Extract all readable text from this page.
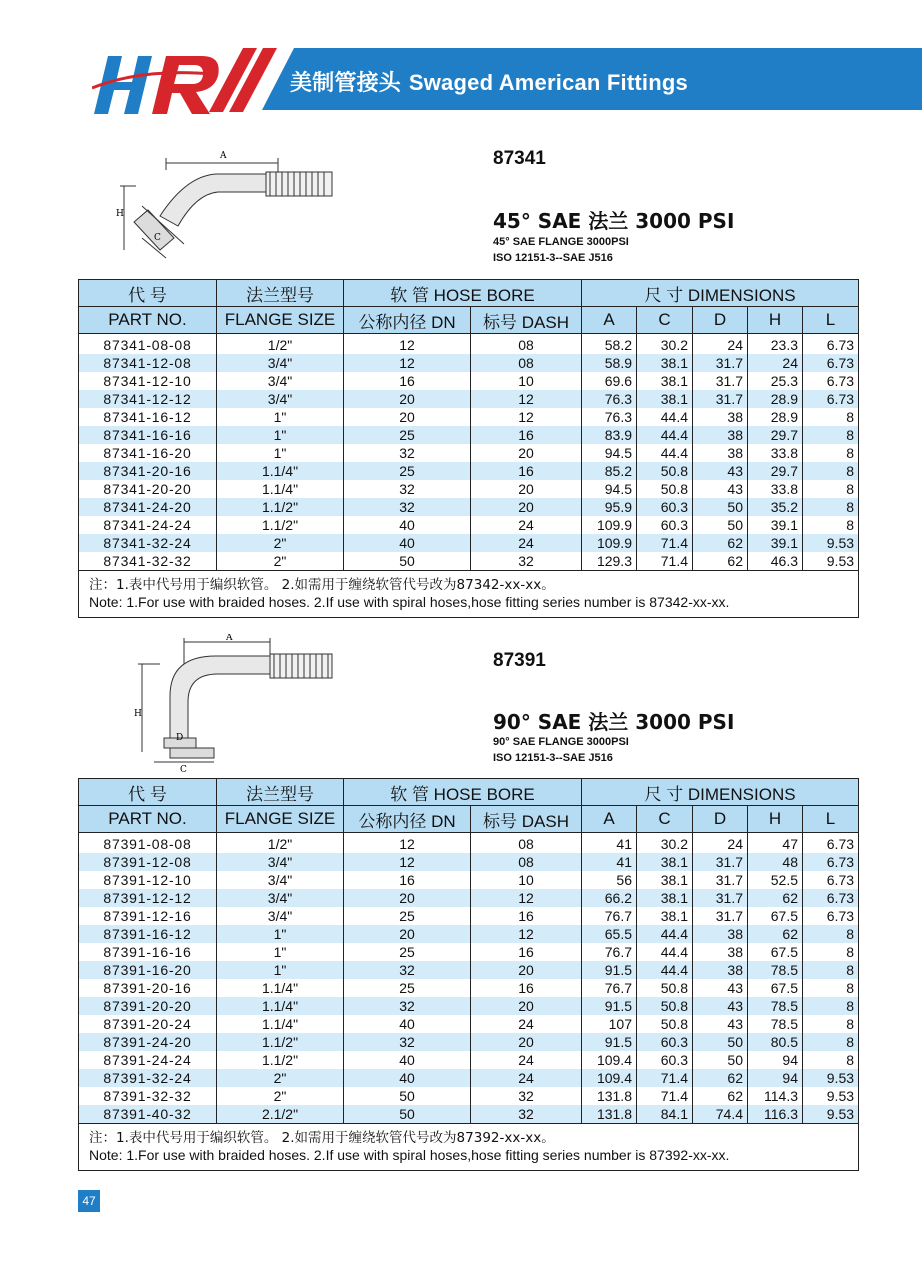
美制管接头 Swaged American Fittings
A
H
C
87341
45° SAE 法兰 3000 PSI
45° SAE FLANGE 3000PSI
ISO 12151-3--SAE J516
代 号	法兰型号	软 管 HOSE BORE		尺 寸 DIMENSIONS				
PART NO.	FLANGE SIZE	公称内径 DN	标号 DASH	A	C	D	H	L
87341-08-08	1/2"	12	08	58.2	30.2	24	23.3	6.73
87341-12-08	3/4"	12	08	58.9	38.1	31.7	24	6.73
87341-12-10	3/4"	16	10	69.6	38.1	31.7	25.3	6.73
87341-12-12	3/4"	20	12	76.3	38.1	31.7	28.9	6.73
87341-16-12	1"	20	12	76.3	44.4	38	28.9	8
87341-16-16	1"	25	16	83.9	44.4	38	29.7	8
87341-16-20	1"	32	20	94.5	44.4	38	33.8	8
87341-20-16	1.1/4"	25	16	85.2	50.8	43	29.7	8
87341-20-20	1.1/4"	32	20	94.5	50.8	43	33.8	8
87341-24-20	1.1/2"	32	20	95.9	60.3	50	35.2	8
87341-24-24	1.1/2"	40	24	109.9	60.3	50	39.1	8
87341-32-24	2"	40	24	109.9	71.4	62	39.1	9.53
87341-32-32	2"	50	32	129.3	71.4	62	46.3	9.53

注：1.表中代号用于编织软管。 2.如需用于缠绕软管代号改为87342-xx-xx。
Note: 1.For use with braided hoses. 2.If use with spiral hoses,hose fitting series number is 87342-xx-xx.								
A
H
C
D
87391
90° SAE 法兰 3000 PSI
90° SAE FLANGE 3000PSI
ISO 12151-3--SAE J516
代 号	法兰型号	软 管 HOSE BORE		尺 寸 DIMENSIONS				
PART NO.	FLANGE SIZE	公称内径 DN	标号 DASH	A	C	D	H	L
87391-08-08	1/2"	12	08	41	30.2	24	47	6.73
87391-12-08	3/4"	12	08	41	38.1	31.7	48	6.73
87391-12-10	3/4"	16	10	56	38.1	31.7	52.5	6.73
87391-12-12	3/4"	20	12	66.2	38.1	31.7	62	6.73
87391-12-16	3/4"	25	16	76.7	38.1	31.7	67.5	6.73
87391-16-12	1"	20	12	65.5	44.4	38	62	8
87391-16-16	1"	25	16	76.7	44.4	38	67.5	8
87391-16-20	1"	32	20	91.5	44.4	38	78.5	8
87391-20-16	1.1/4"	25	16	76.7	50.8	43	67.5	8
87391-20-20	1.1/4"	32	20	91.5	50.8	43	78.5	8
87391-20-24	1.1/4"	40	24	107	50.8	43	78.5	8
87391-24-20	1.1/2"	32	20	91.5	60.3	50	80.5	8
87391-24-24	1.1/2"	40	24	109.4	60.3	50	94	8
87391-32-24	2"	40	24	109.4	71.4	62	94	9.53
87391-32-32	2"	50	32	131.8	71.4	62	114.3	9.53
87391-40-32	2.1/2"	50	32	131.8	84.1	74.4	116.3	9.53

注：1.表中代号用于编织软管。 2.如需用于缠绕软管代号改为87392-xx-xx。
Note: 1.For use with braided hoses. 2.If use with spiral hoses,hose fitting series number is 87392-xx-xx.								
47
